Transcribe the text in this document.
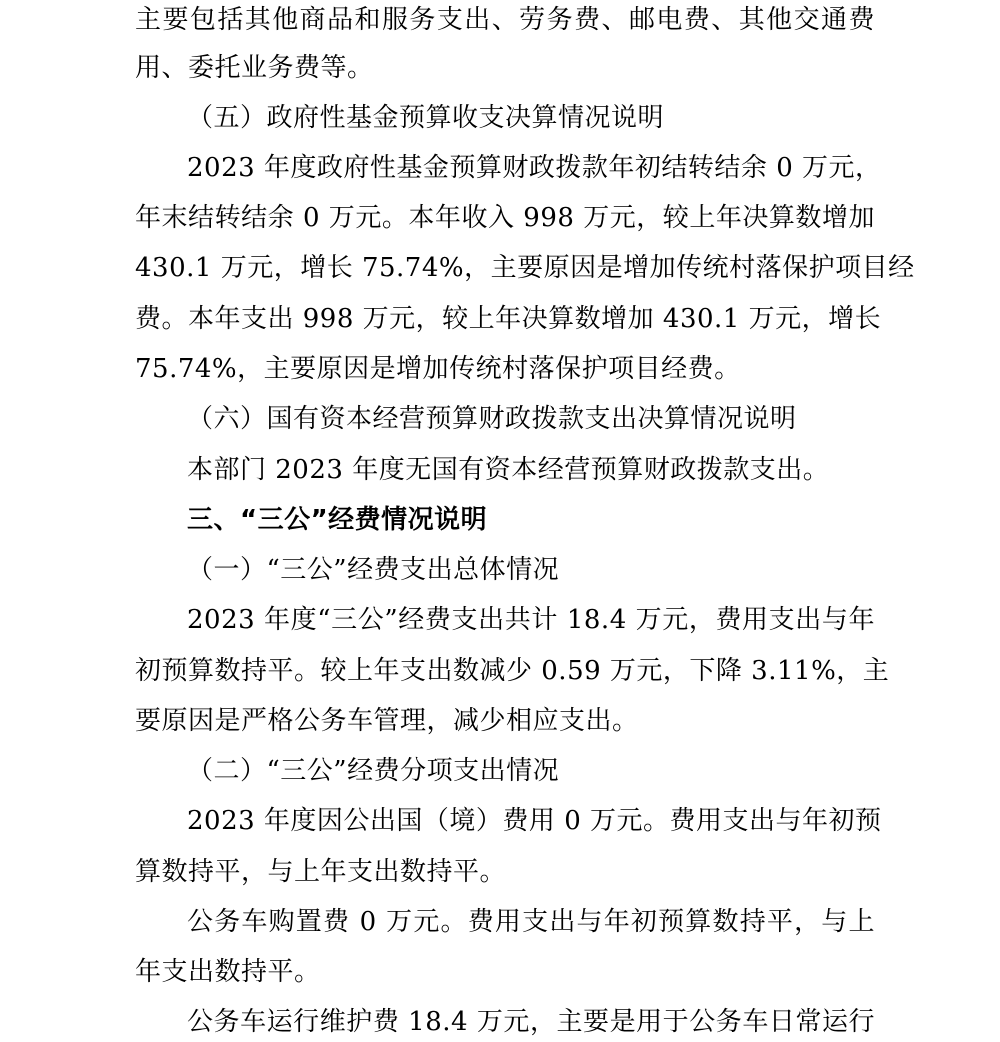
主要包括其他商品和服务支出、劳务费、邮电费、其他交通费
用、委托业务费等。
（五）政府性基金预算收支决算情况说明
2023 年度政府性基金预算财政拨款年初结转结余 0 万元，
年末结转结余 0 万元。本年收入 998 万元，较上年决算数增加
430.1 万元，增长 75.74%，主要原因是增加传统村落保护项目经
费。本年支出 998 万元，较上年决算数增加 430.1 万元，增长
75.74%，主要原因是增加传统村落保护项目经费。
（六）国有资本经营预算财政拨款支出决算情况说明
本部门 2023 年度无国有资本经营预算财政拨款支出。
三、“三公”经费情况说明
（一）“三公”经费支出总体情况
2023 年度“三公”经费支出共计 18.4 万元，费用支出与年
初预算数持平。较上年支出数减少 0.59 万元，下降 3.11%，主
要原因是严格公务车管理，减少相应支出。
（二）“三公”经费分项支出情况
2023 年度因公出国（境）费用 0 万元。费用支出与年初预
算数持平，与上年支出数持平。
公务车购置费 0 万元。费用支出与年初预算数持平，与上
年支出数持平。
公务车运行维护费 18.4 万元，主要是用于公务车日常运行
